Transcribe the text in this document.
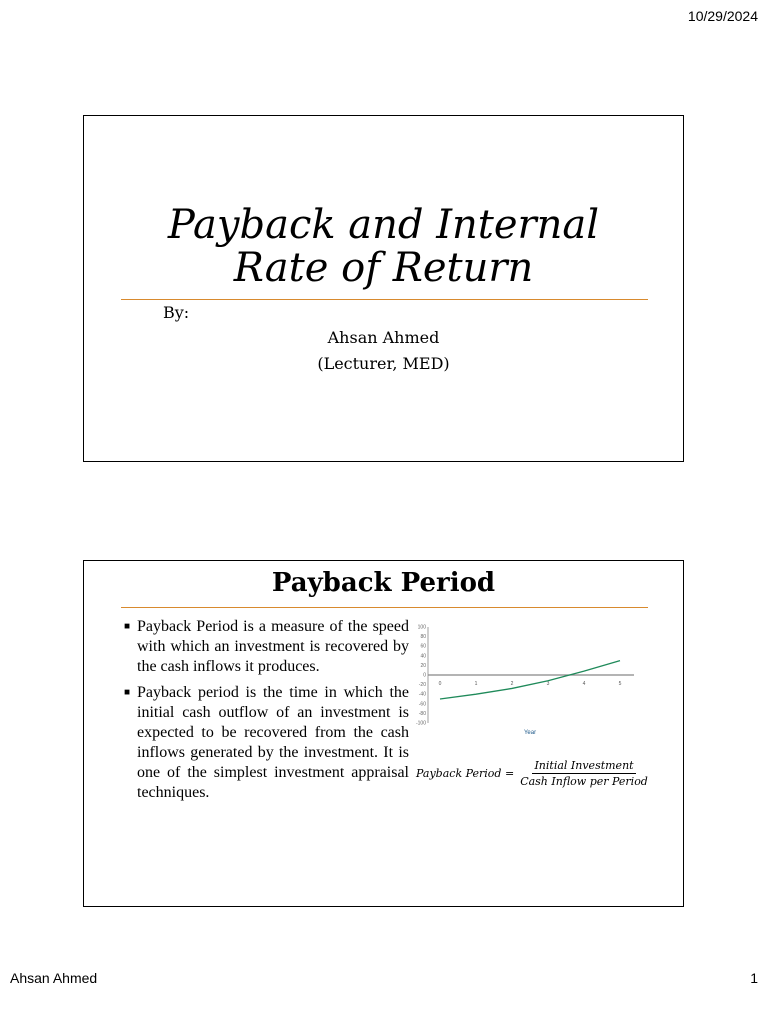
10/29/2024
Payback and Internal
Rate of Return
By:
Ahsan Ahmed
(Lecturer, MED)
Payback Period
■ Payback Period is a measure of the speed with which an investment is recovered by the cash inflows it produces.
■ Payback period is the time in which the initial cash outflow of an investment is expected to be recovered from the cash inflows generated by the investment. It is one of the simplest investment appraisal techniques.
100
80
60
40
20
0
-20
-40
-60
-80
-100
0	1	2	3	4	5
Year
Payback Period = $\frac{\text{Initial Investment}}{\text{Cash Inflow per Period}}$
Ahsan Ahmed	1
